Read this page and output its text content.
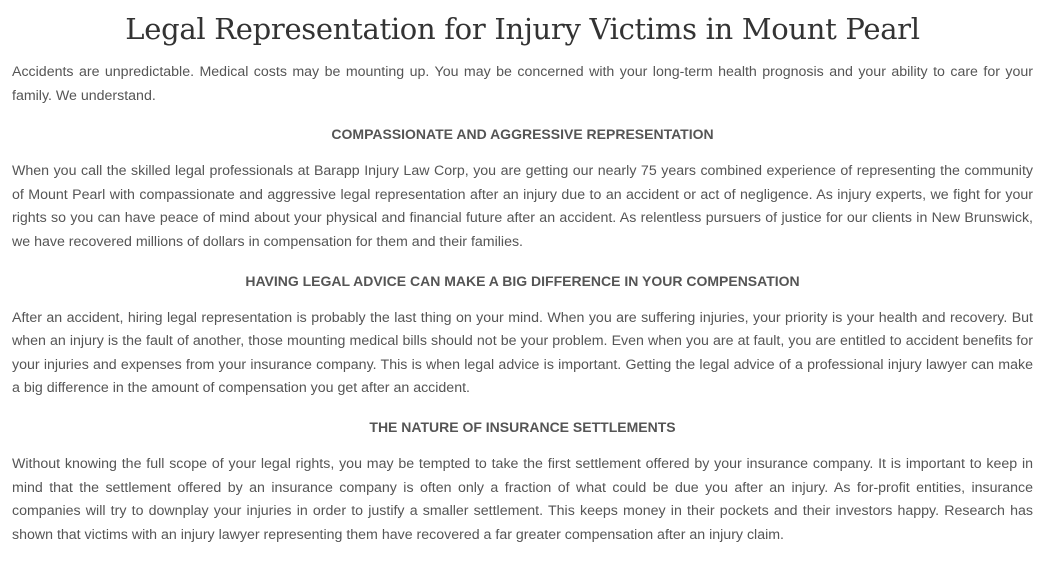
Legal Representation for Injury Victims in Mount Pearl

Accidents are unpredictable. Medical costs may be mounting up. You may be concerned with your long-term health prognosis and your ability to care for your family. We understand.

COMPASSIONATE AND AGGRESSIVE REPRESENTATION

When you call the skilled legal professionals at Barapp Injury Law Corp, you are getting our nearly 75 years combined experience of representing the community of Mount Pearl with compassionate and aggressive legal representation after an injury due to an accident or act of negligence. As injury experts, we fight for your rights so you can have peace of mind about your physical and financial future after an accident. As relentless pursuers of justice for our clients in New Brunswick, we have recovered millions of dollars in compensation for them and their families.

HAVING LEGAL ADVICE CAN MAKE A BIG DIFFERENCE IN YOUR COMPENSATION

After an accident, hiring legal representation is probably the last thing on your mind. When you are suffering injuries, your priority is your health and recovery. But when an injury is the fault of another, those mounting medical bills should not be your problem. Even when you are at fault, you are entitled to accident benefits for your injuries and expenses from your insurance company. This is when legal advice is important. Getting the legal advice of a professional injury lawyer can make a big difference in the amount of compensation you get after an accident.

THE NATURE OF INSURANCE SETTLEMENTS

Without knowing the full scope of your legal rights, you may be tempted to take the first settlement offered by your insurance company. It is important to keep in mind that the settlement offered by an insurance company is often only a fraction of what could be due you after an injury. As for-profit entities, insurance companies will try to downplay your injuries in order to justify a smaller settlement. This keeps money in their pockets and their investors happy. Research has shown that victims with an injury lawyer representing them have recovered a far greater compensation after an injury claim.
